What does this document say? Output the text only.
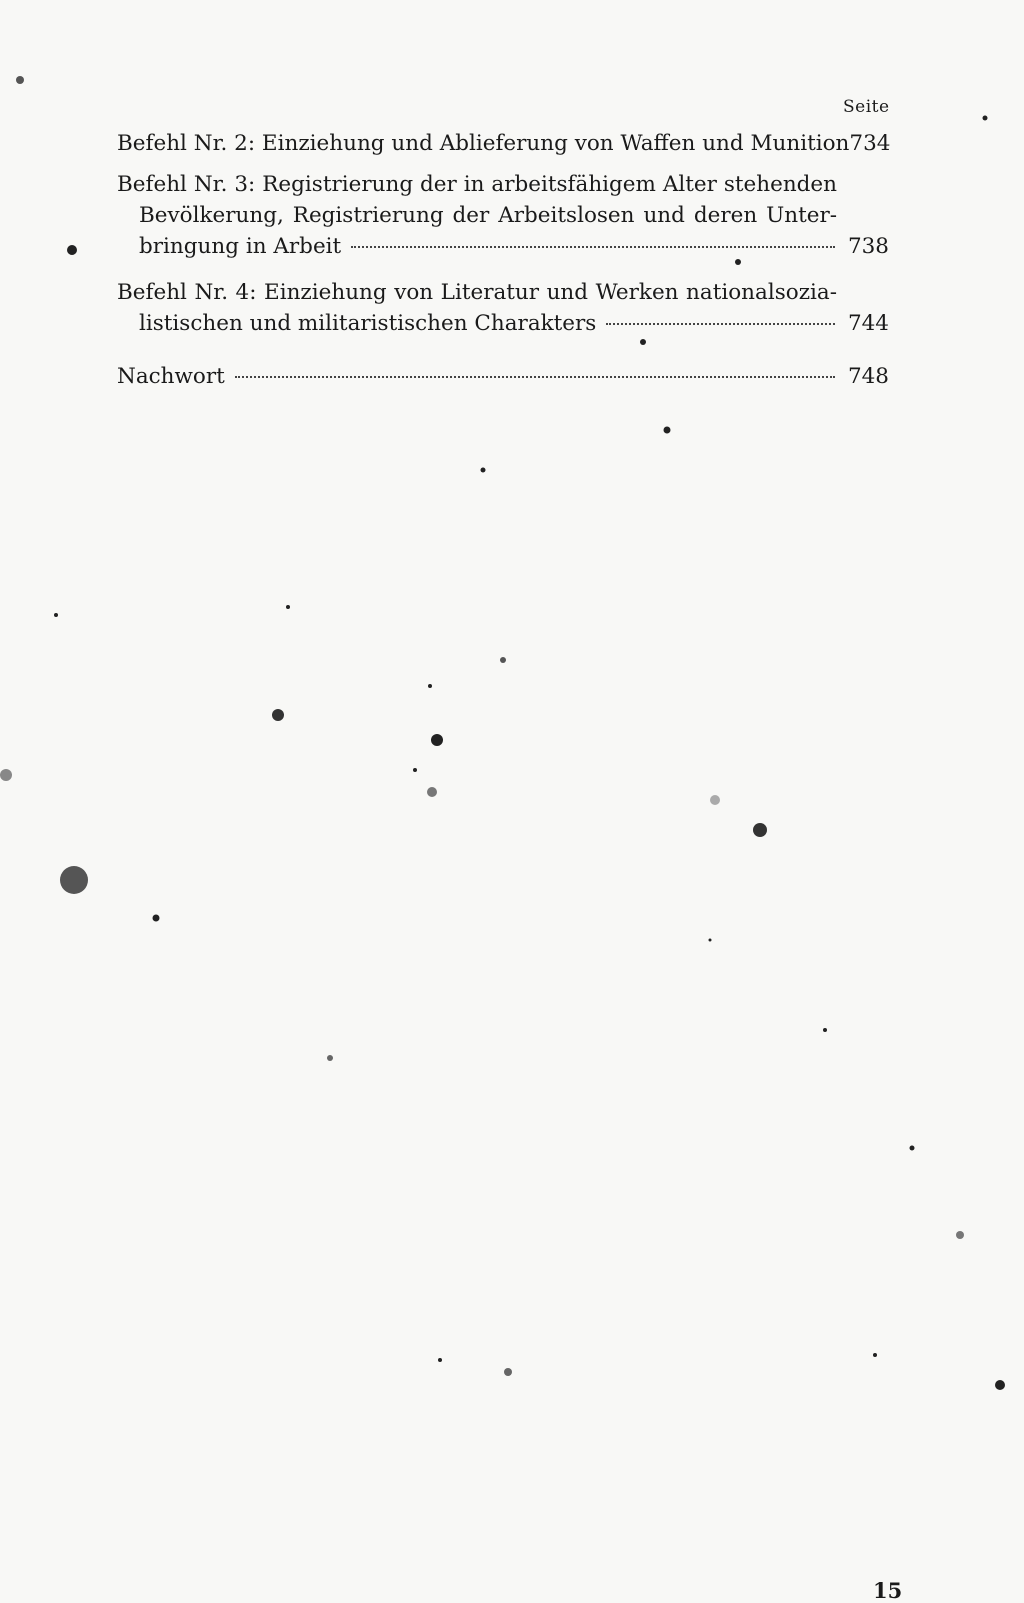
Seite
Befehl Nr. 2: Einziehung und Ablieferung von Waffen und Munition 734
Befehl Nr. 3: Registrierung der in arbeitsfähigem Alter stehenden
Bevölkerung, Registrierung der Arbeitslosen und deren Unter-
bringung in Arbeit	738
Befehl Nr. 4: Einziehung von Literatur und Werken nationalsozia-
listischen und militaristischen Charakters	744
Nachwort	748
15
